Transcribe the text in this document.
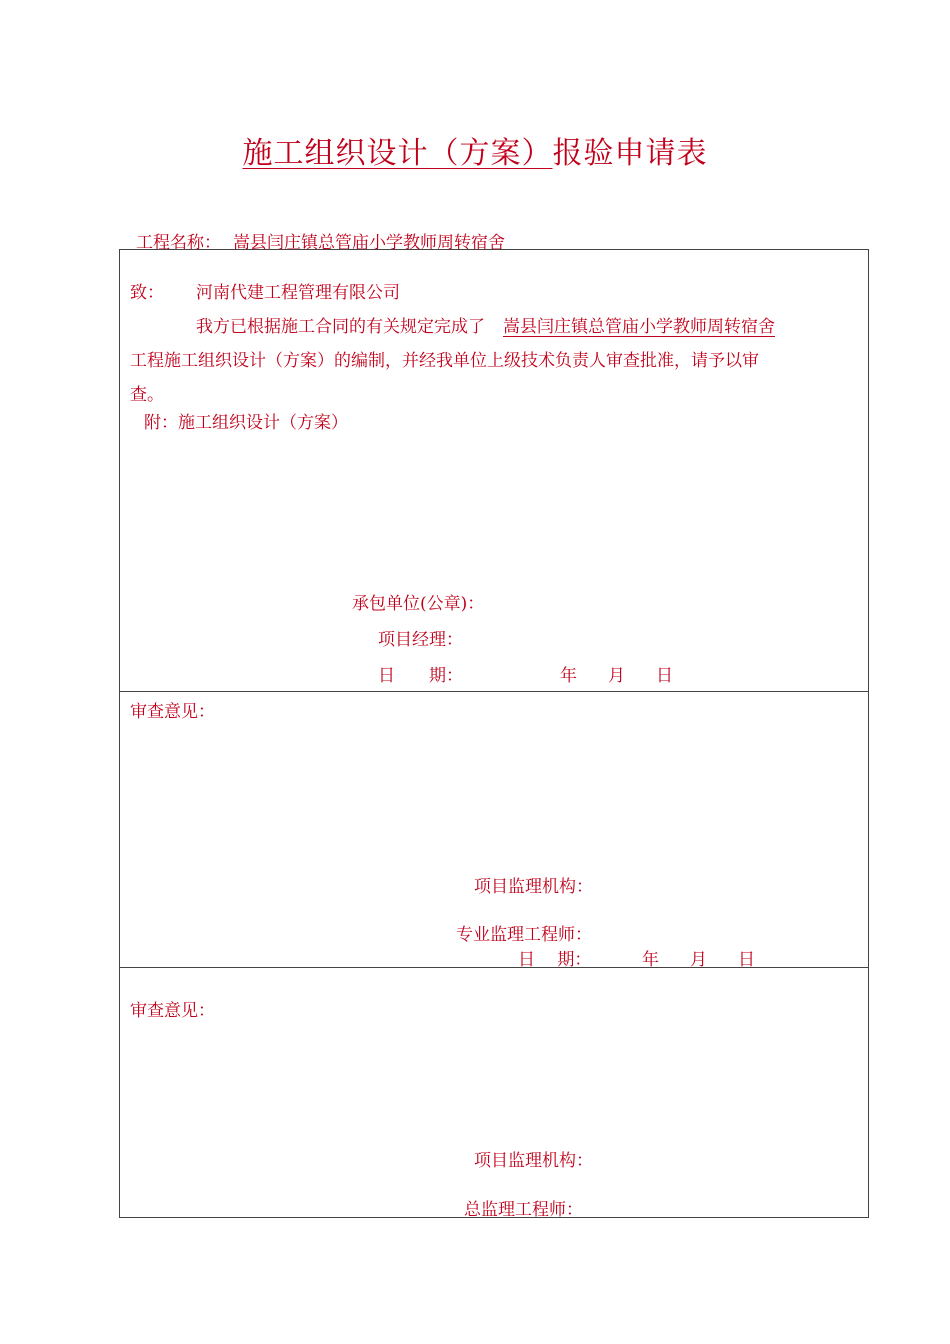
施工组织设计（方案）报验申请表
工程名称： 嵩县闫庄镇总管庙小学教师周转宿舍
致： 河南代建工程管理有限公司
我方已根据施工合同的有关规定完成了 嵩县闫庄镇总管庙小学教师周转宿舍
工程施工组织设计（方案）的编制，并经我单位上级技术负责人审查批准，请予以审
查。
附：施工组织设计（方案）
承包单位(公章)：
项目经理：
日　　期：	年 月 日
审查意见：
项目监理机构：
专业监理工程师：
日　 期：	年 月 日
审查意见：
项目监理机构：
总监理工程师：
